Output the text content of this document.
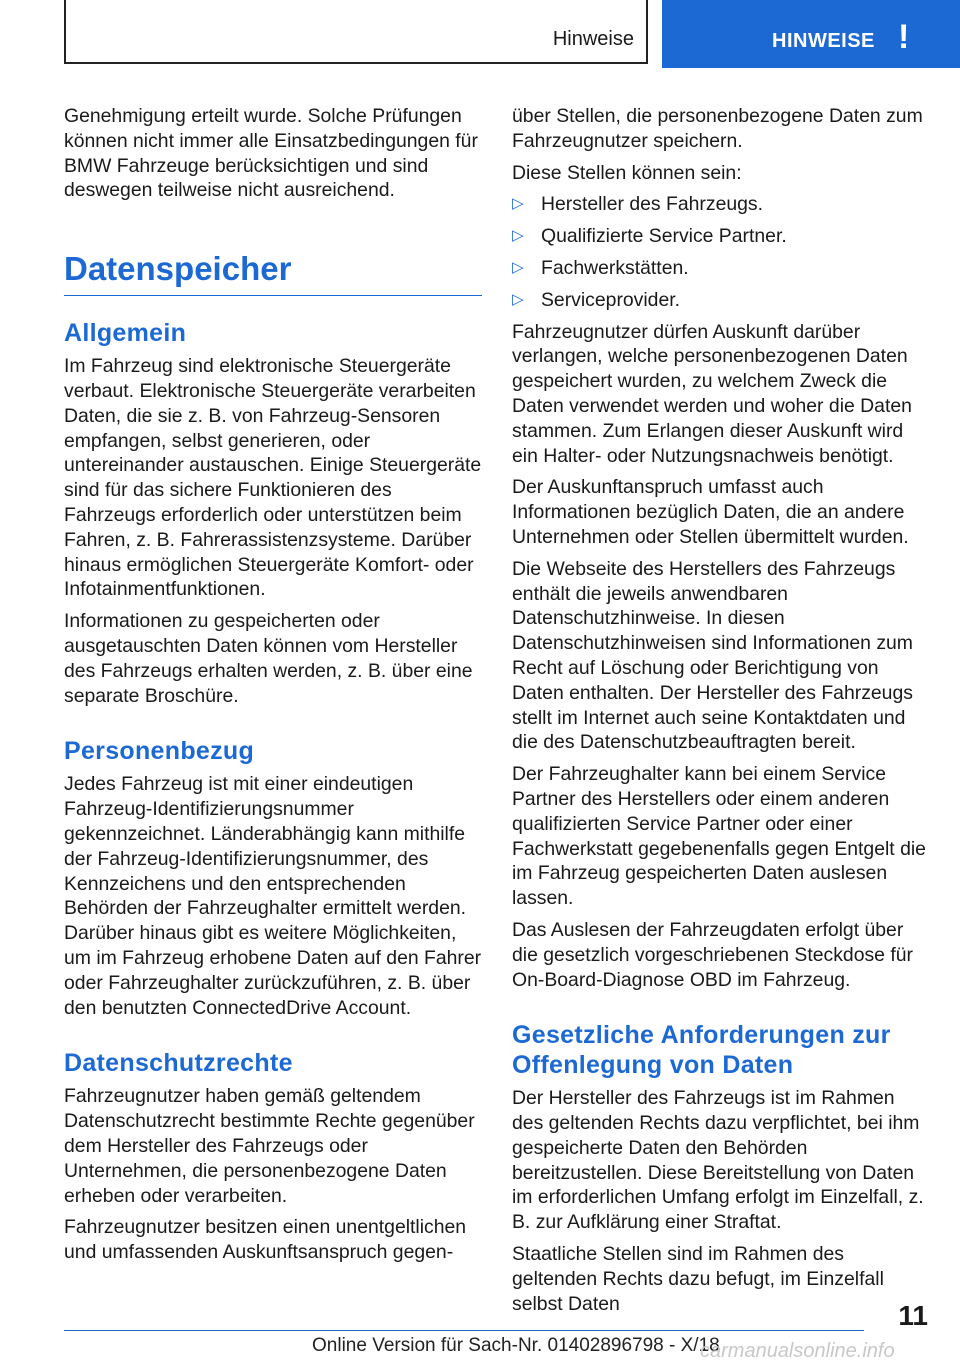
Hinweise	HINWEISE !

Genehmigung erteilt wurde. Solche Prüfungen können nicht immer alle Einsatzbedingungen für BMW Fahrzeuge berücksichtigen und sind deswegen teilweise nicht ausreichend.

Datenspeicher
Allgemein

Im Fahrzeug sind elektronische Steuergeräte verbaut. Elektronische Steuergeräte verarbeiten Daten, die sie z. B. von Fahrzeug-Sensoren empfangen, selbst generieren, oder untereinander austauschen. Einige Steuergeräte sind für das sichere Funktionieren des Fahrzeugs erforderlich oder unterstützen beim Fahren, z. B. Fahrerassistenzsysteme. Darüber hinaus ermöglichen Steuergeräte Komfort- oder Infotainmentfunktionen.

Informationen zu gespeicherten oder ausgetauschten Daten können vom Hersteller des Fahrzeugs erhalten werden, z. B. über eine separate Broschüre.

Personenbezug

Jedes Fahrzeug ist mit einer eindeutigen Fahrzeug-Identifizierungsnummer gekennzeichnet. Länderabhängig kann mithilfe der Fahrzeug-Identifizierungsnummer, des Kennzeichens und den entsprechenden Behörden der Fahrzeughalter ermittelt werden. Darüber hinaus gibt es weitere Möglichkeiten, um im Fahrzeug erhobene Daten auf den Fahrer oder Fahrzeughalter zurückzuführen, z. B. über den benutzten ConnectedDrive Account.

Datenschutzrechte

Fahrzeugnutzer haben gemäß geltendem Datenschutzrecht bestimmte Rechte gegenüber dem Hersteller des Fahrzeugs oder Unternehmen, die personenbezogene Daten erheben oder verarbeiten.

Fahrzeugnutzer besitzen einen unentgeltlichen und umfassenden Auskunftsanspruch gegen-

über Stellen, die personenbezogene Daten zum Fahrzeugnutzer speichern.

Diese Stellen können sein:

▷ Hersteller des Fahrzeugs.
▷ Qualifizierte Service Partner.
▷ Fachwerkstätten.
▷ Serviceprovider.

Fahrzeugnutzer dürfen Auskunft darüber verlangen, welche personenbezogenen Daten gespeichert wurden, zu welchem Zweck die Daten verwendet werden und woher die Daten stammen. Zum Erlangen dieser Auskunft wird ein Halter- oder Nutzungsnachweis benötigt.

Der Auskunftanspruch umfasst auch Informationen bezüglich Daten, die an andere Unternehmen oder Stellen übermittelt wurden.

Die Webseite des Herstellers des Fahrzeugs enthält die jeweils anwendbaren Datenschutzhinweise. In diesen Datenschutzhinweisen sind Informationen zum Recht auf Löschung oder Berichtigung von Daten enthalten. Der Hersteller des Fahrzeugs stellt im Internet auch seine Kontaktdaten und die des Datenschutzbeauftragten bereit.

Der Fahrzeughalter kann bei einem Service Partner des Herstellers oder einem anderen qualifizierten Service Partner oder einer Fachwerkstatt gegebenenfalls gegen Entgelt die im Fahrzeug gespeicherten Daten auslesen lassen.

Das Auslesen der Fahrzeugdaten erfolgt über die gesetzlich vorgeschriebenen Steckdose für On-Board-Diagnose OBD im Fahrzeug.

Gesetzliche Anforderungen zur Offenlegung von Daten

Der Hersteller des Fahrzeugs ist im Rahmen des geltenden Rechts dazu verpflichtet, bei ihm gespeicherte Daten den Behörden bereitzustellen. Diese Bereitstellung von Daten im erforderlichen Umfang erfolgt im Einzelfall, z. B. zur Aufklärung einer Straftat.

Staatliche Stellen sind im Rahmen des geltenden Rechts dazu befugt, im Einzelfall selbst Daten	11
Online Version für Sach-Nr. 01402896798 - X/18
carmanualsonline.info
